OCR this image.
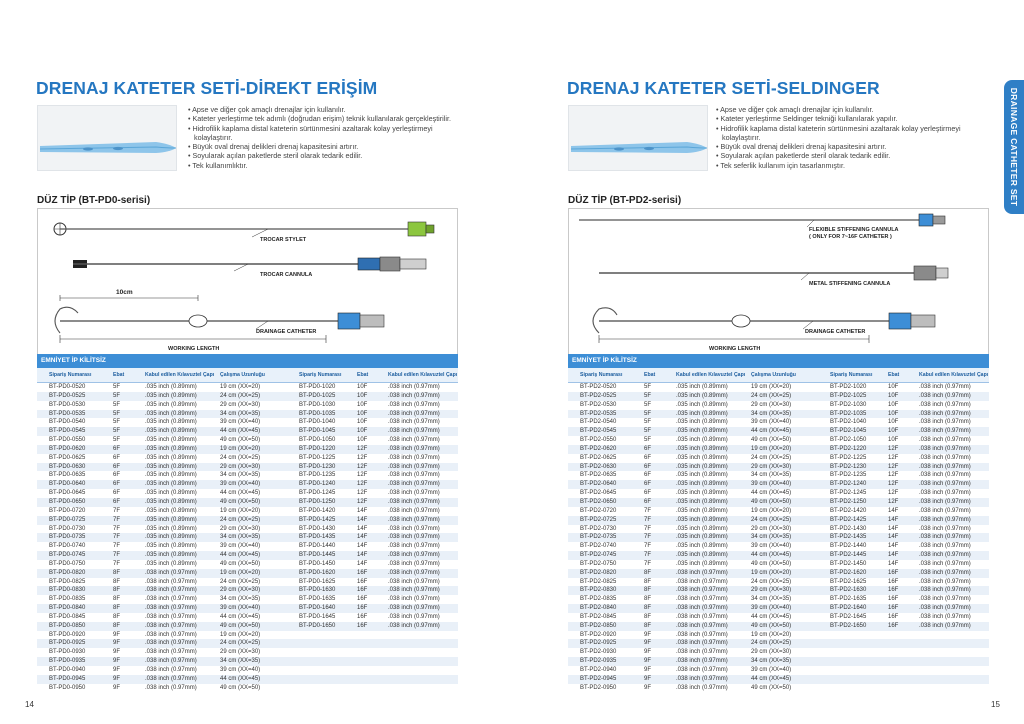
DRENAJ KATETER SETİ-DİREKT ERİŞİM
• Apse ve diğer çok amaçlı drenajlar için kullanılır.
• Kateter yerleştirme tek adımlı (doğrudan erişim) teknik kullanılarak gerçekleştirilir.
• Hidrofilik kaplama distal kateterin sürtünmesini azaltarak kolay yerleştirmeyi kolaylaştırır.
• Büyük oval drenaj delikleri drenaj kapasitesini artırır.
• Soyularak açılan paketlerde steril olarak tedarik edilir.
• Tek kullanımlıktır.
DÜZ TİP (BT-PD0-serisi)
TROCAR STYLET
TROCAR CANNULA
10cm
DRAINAGE CATHETER
WORKING LENGTH
EMNİYET İP KİLİTSİZ
Sipariş Numarası	Ebat	Kabul edilen Kılavuztel Çapı Çalışma Uzunluğu	Sipariş Numarası	Ebat	Kabul edilen Kılavuztel Çapı
BT-PD0-0520	5F	.035 inch (0.89mm)	19 cm (XX=20)	BT-PD0-1020	10F	.038 inch (0.97mm)
BT-PD0-0525	5F	.035 inch (0.89mm)	24 cm (XX=25)	BT-PD0-1025	10F	.038 inch (0.97mm)
BT-PD0-0530	5F	.035 inch (0.89mm)	29 cm (XX=30)	BT-PD0-1030	10F	.038 inch (0.97mm)
BT-PD0-0535	5F	.035 inch (0.89mm)	34 cm (XX=35)	BT-PD0-1035	10F	.038 inch (0.97mm)
BT-PD0-0540	5F	.035 inch (0.89mm)	39 cm (XX=40)	BT-PD0-1040	10F	.038 inch (0.97mm)
BT-PD0-0545	5F	.035 inch (0.89mm)	44 cm (XX=45)	BT-PD0-1045	10F	.038 inch (0.97mm)
BT-PD0-0550	5F	.035 inch (0.89mm)	49 cm (XX=50)	BT-PD0-1050	10F	.038 inch (0.97mm)
BT-PD0-0620	6F	.035 inch (0.89mm)	19 cm (XX=20)	BT-PD0-1220	12F	.038 inch (0.97mm)
BT-PD0-0625	6F	.035 inch (0.89mm)	24 cm (XX=25)	BT-PD0-1225	12F	.038 inch (0.97mm)
BT-PD0-0630	6F	.035 inch (0.89mm)	29 cm (XX=30)	BT-PD0-1230	12F	.038 inch (0.97mm)
BT-PD0-0635	6F	.035 inch (0.89mm)	34 cm (XX=35)	BT-PD0-1235	12F	.038 inch (0.97mm)
BT-PD0-0640	6F	.035 inch (0.89mm)	39 cm (XX=40)	BT-PD0-1240	12F	.038 inch (0.97mm)
BT-PD0-0645	6F	.035 inch (0.89mm)	44 cm (XX=45)	BT-PD0-1245	12F	.038 inch (0.97mm)
BT-PD0-0650	6F	.035 inch (0.89mm)	49 cm (XX=50)	BT-PD0-1250	12F	.038 inch (0.97mm)
BT-PD0-0720	7F	.035 inch (0.89mm)	19 cm (XX=20)	BT-PD0-1420	14F	.038 inch (0.97mm)
BT-PD0-0725	7F	.035 inch (0.89mm)	24 cm (XX=25)	BT-PD0-1425	14F	.038 inch (0.97mm)
BT-PD0-0730	7F	.035 inch (0.89mm)	29 cm (XX=30)	BT-PD0-1430	14F	.038 inch (0.97mm)
BT-PD0-0735	7F	.035 inch (0.89mm)	34 cm (XX=35)	BT-PD0-1435	14F	.038 inch (0.97mm)
BT-PD0-0740	7F	.035 inch (0.89mm)	39 cm (XX=40)	BT-PD0-1440	14F	.038 inch (0.97mm)
BT-PD0-0745	7F	.035 inch (0.89mm)	44 cm (XX=45)	BT-PD0-1445	14F	.038 inch (0.97mm)
BT-PD0-0750	7F	.035 inch (0.89mm)	49 cm (XX=50)	BT-PD0-1450	14F	.038 inch (0.97mm)
BT-PD0-0820	8F	.038 inch (0.97mm)	19 cm (XX=20)	BT-PD0-1620	16F	.038 inch (0.97mm)
BT-PD0-0825	8F	.038 inch (0.97mm)	24 cm (XX=25)	BT-PD0-1625	16F	.038 inch (0.97mm)
BT-PD0-0830	8F	.038 inch (0.97mm)	29 cm (XX=30)	BT-PD0-1630	16F	.038 inch (0.97mm)
BT-PD0-0835	8F	.038 inch (0.97mm)	34 cm (XX=35)	BT-PD0-1635	16F	.038 inch (0.97mm)
BT-PD0-0840	8F	.038 inch (0.97mm)	39 cm (XX=40)	BT-PD0-1640	16F	.038 inch (0.97mm)
BT-PD0-0845	8F	.038 inch (0.97mm)	44 cm (XX=45)	BT-PD0-1645	16F	.038 inch (0.97mm)
BT-PD0-0850	8F	.038 inch (0.97mm)	49 cm (XX=50)	BT-PD0-1650	16F	.038 inch (0.97mm)
BT-PD0-0920	9F	.038 inch (0.97mm)	19 cm (XX=20)
BT-PD0-0925	9F	.038 inch (0.97mm)	24 cm (XX=25)
BT-PD0-0930	9F	.038 inch (0.97mm)	29 cm (XX=30)
BT-PD0-0935	9F	.038 inch (0.97mm)	34 cm (XX=35)
BT-PD0-0940	9F	.038 inch (0.97mm)	39 cm (XX=40)
BT-PD0-0945	9F	.038 inch (0.97mm)	44 cm (XX=45)
BT-PD0-0950	9F	.038 inch (0.97mm)	49 cm (XX=50)
14
DRENAJ KATETER SETİ-SELDINGER
• Apse ve diğer çok amaçlı drenajlar için kullanılır.
• Kateter yerleştirme Seldinger tekniği kullanılarak yapılır.
• Hidrofilik kaplama distal kateterin sürtünmesini azaltarak kolay yerleştirmeyi kolaylaştırır.
• Büyük oval drenaj delikleri drenaj kapasitesini artırır.
• Soyularak açılan paketlerde steril olarak tedarik edilir.
• Tek seferlik kullanım için tasarlanmıştır.
DÜZ TİP (BT-PD2-serisi)
FLEXIBLE STIFFENING CANNULA
( ONLY FOR 7~16F CATHETER )
METAL STIFFENING CANNULA
DRAINAGE CATHETER
WORKING LENGTH
EMNİYET İP KİLİTSİZ
Sipariş Numarası	Ebat	Kabul edilen Kılavuztel Çapı Çalışma Uzunluğu	Sipariş Numarası	Ebat	Kabul edilen Kılavuztel Çapı
BT-PD2-0520	5F	.035 inch (0.89mm)	19 cm (XX=20)	BT-PD2-1020	10F	.038 inch (0.97mm)
BT-PD2-0525	5F	.035 inch (0.89mm)	24 cm (XX=25)	BT-PD2-1025	10F	.038 inch (0.97mm)
BT-PD2-0530	5F	.035 inch (0.89mm)	29 cm (XX=30)	BT-PD2-1030	10F	.038 inch (0.97mm)
BT-PD2-0535	5F	.035 inch (0.89mm)	34 cm (XX=35)	BT-PD2-1035	10F	.038 inch (0.97mm)
BT-PD2-0540	5F	.035 inch (0.89mm)	39 cm (XX=40)	BT-PD2-1040	10F	.038 inch (0.97mm)
BT-PD2-0545	5F	.035 inch (0.89mm)	44 cm (XX=45)	BT-PD2-1045	10F	.038 inch (0.97mm)
BT-PD2-0550	5F	.035 inch (0.89mm)	49 cm (XX=50)	BT-PD2-1050	10F	.038 inch (0.97mm)
BT-PD2-0620	6F	.035 inch (0.89mm)	19 cm (XX=20)	BT-PD2-1220	12F	.038 inch (0.97mm)
BT-PD2-0625	6F	.035 inch (0.89mm)	24 cm (XX=25)	BT-PD2-1225	12F	.038 inch (0.97mm)
BT-PD2-0630	6F	.035 inch (0.89mm)	29 cm (XX=30)	BT-PD2-1230	12F	.038 inch (0.97mm)
BT-PD2-0635	6F	.035 inch (0.89mm)	34 cm (XX=35)	BT-PD2-1235	12F	.038 inch (0.97mm)
BT-PD2-0640	6F	.035 inch (0.89mm)	39 cm (XX=40)	BT-PD2-1240	12F	.038 inch (0.97mm)
BT-PD2-0645	6F	.035 inch (0.89mm)	44 cm (XX=45)	BT-PD2-1245	12F	.038 inch (0.97mm)
BT-PD2-0650	6F	.035 inch (0.89mm)	49 cm (XX=50)	BT-PD2-1250	12F	.038 inch (0.97mm)
BT-PD2-0720	7F	.035 inch (0.89mm)	19 cm (XX=20)	BT-PD2-1420	14F	.038 inch (0.97mm)
BT-PD2-0725	7F	.035 inch (0.89mm)	24 cm (XX=25)	BT-PD2-1425	14F	.038 inch (0.97mm)
BT-PD2-0730	7F	.035 inch (0.89mm)	29 cm (XX=30)	BT-PD2-1430	14F	.038 inch (0.97mm)
BT-PD2-0735	7F	.035 inch (0.89mm)	34 cm (XX=35)	BT-PD2-1435	14F	.038 inch (0.97mm)
BT-PD2-0740	7F	.035 inch (0.89mm)	39 cm (XX=40)	BT-PD2-1440	14F	.038 inch (0.97mm)
BT-PD2-0745	7F	.035 inch (0.89mm)	44 cm (XX=45)	BT-PD2-1445	14F	.038 inch (0.97mm)
BT-PD2-0750	7F	.035 inch (0.89mm)	49 cm (XX=50)	BT-PD2-1450	14F	.038 inch (0.97mm)
BT-PD2-0820	8F	.038 inch (0.97mm)	19 cm (XX=20)	BT-PD2-1620	16F	.038 inch (0.97mm)
BT-PD2-0825	8F	.038 inch (0.97mm)	24 cm (XX=25)	BT-PD2-1625	16F	.038 inch (0.97mm)
BT-PD2-0830	8F	.038 inch (0.97mm)	29 cm (XX=30)	BT-PD2-1630	16F	.038 inch (0.97mm)
BT-PD2-0835	8F	.038 inch (0.97mm)	34 cm (XX=35)	BT-PD2-1635	16F	.038 inch (0.97mm)
BT-PD2-0840	8F	.038 inch (0.97mm)	39 cm (XX=40)	BT-PD2-1640	16F	.038 inch (0.97mm)
BT-PD2-0845	8F	.038 inch (0.97mm)	44 cm (XX=45)	BT-PD2-1645	16F	.038 inch (0.97mm)
BT-PD2-0850	8F	.038 inch (0.97mm)	49 cm (XX=50)	BT-PD2-1650	16F	.038 inch (0.97mm)
BT-PD2-0920	9F	.038 inch (0.97mm)	19 cm (XX=20)
BT-PD2-0925	9F	.038 inch (0.97mm)	24 cm (XX=25)
BT-PD2-0930	9F	.038 inch (0.97mm)	29 cm (XX=30)
BT-PD2-0935	9F	.038 inch (0.97mm)	34 cm (XX=35)
BT-PD2-0940	9F	.038 inch (0.97mm)	39 cm (XX=40)
BT-PD2-0945	9F	.038 inch (0.97mm)	44 cm (XX=45)
BT-PD2-0950	9F	.038 inch (0.97mm)	49 cm (XX=50)
15
DRAINAGE CATHETER SET
